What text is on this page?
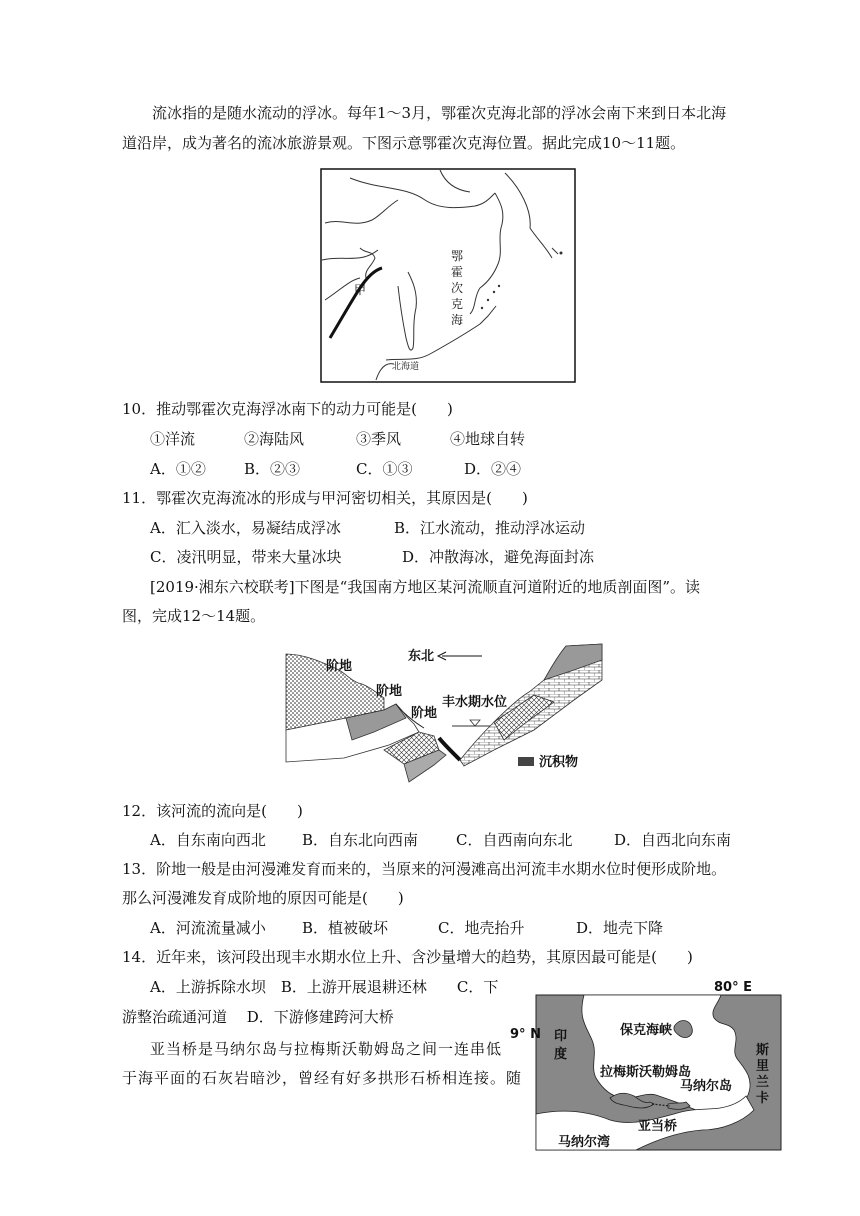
流冰指的是随水流动的浮冰。每年1～3月，鄂霍次克海北部的浮冰会南下来到日本北海
道沿岸，成为著名的流冰旅游景观。下图示意鄂霍次克海位置。据此完成10～11题。
鄂
霍
次
克
海
甲
北海道
10．推动鄂霍次克海浮冰南下的动力可能是(　　)
①洋流	②海陆风	③季风	④地球自转
A．①②	B．②③	C．①③	D．②④
11．鄂霍次克海流冰的形成与甲河密切相关，其原因是(　　)
A．汇入淡水，易凝结成浮冰	B．江水流动，推动浮冰运动
C．凌汛明显，带来大量冰块	D．冲散海冰，避免海面封冻
[2019·湘东六校联考]下图是“我国南方地区某河流顺直河道附近的地质剖面图”。读
图，完成12～14题。
阶地
阶地
阶地
东北
丰水期水位
沉积物
12．该河流的流向是(　　)
A．自东南向西北 B．自东北向西南	C．自西南向东北	D．自西北向东南
13．阶地一般是由河漫滩发育而来的，当原来的河漫滩高出河流丰水期水位时便形成阶地。
那么河漫滩发育成阶地的原因可能是(　　)
A．河流流量减小 B．植被破坏	C．地壳抬升	D．地壳下降
14．近年来，该河段出现丰水期水位上升、含沙量增大的趋势，其原因最可能是(　　)
A．上游拆除水坝　B．上游开展退耕还林　　C．下
游整治疏通河道　 D．下游修建跨河大桥
亚当桥是马纳尔岛与拉梅斯沃勒姆岛之间一连串低
于海平面的石灰岩暗沙，曾经有好多拱形石桥相连接。随
80° E
9° N 印
度
保克海峡
斯
里
兰
卡
拉梅斯沃勒姆岛
马纳尔岛
亚当桥
马纳尔湾
